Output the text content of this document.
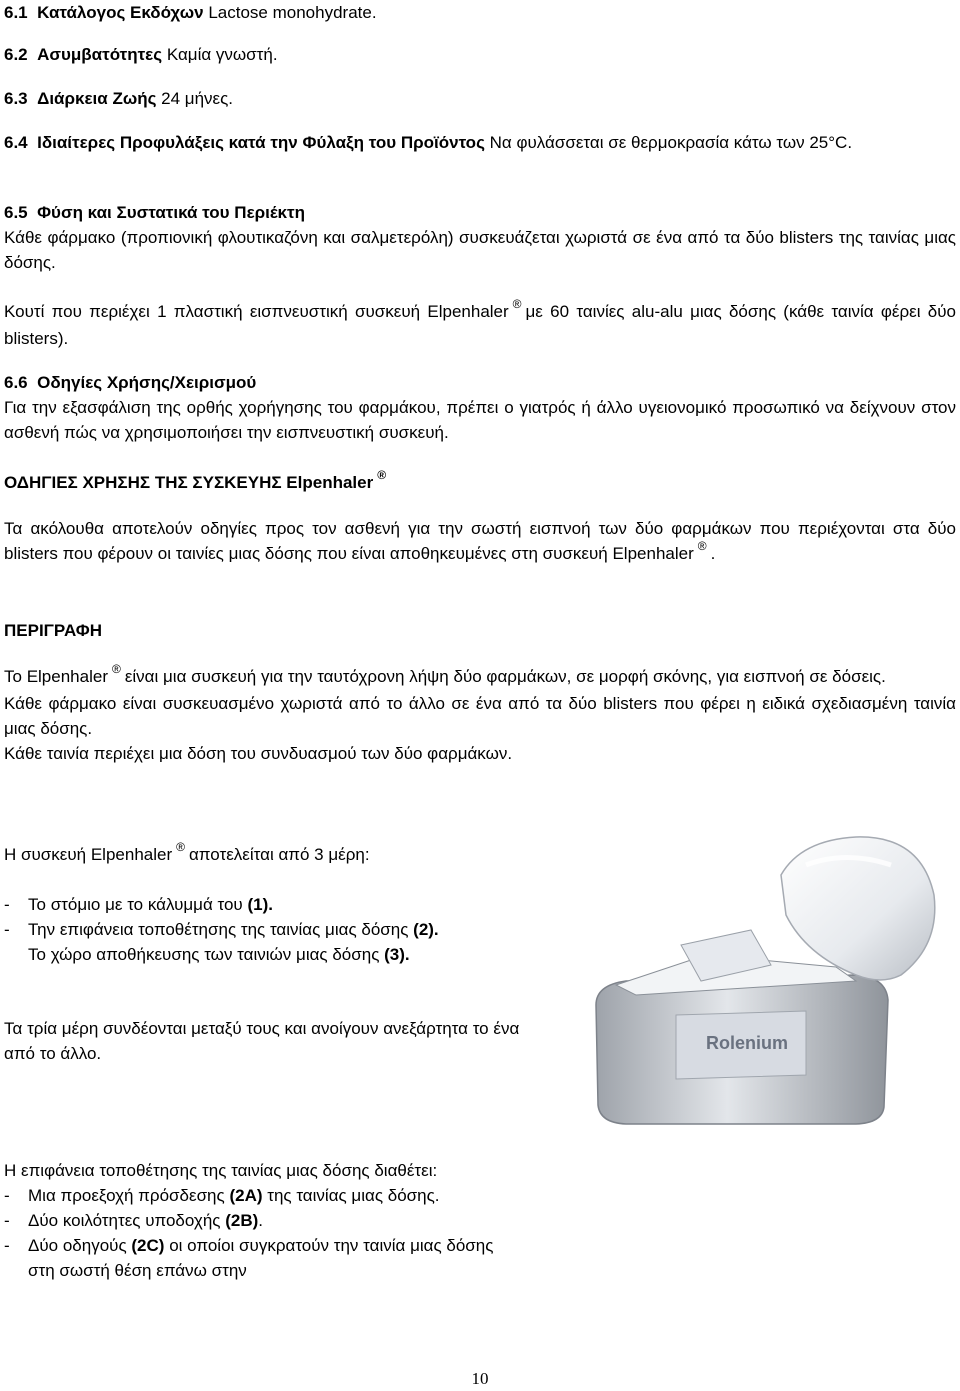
6.1 Κατάλογος Εκδόχων Lactose monohydrate.

6.2 Ασυμβατότητες Καμία γνωστή.

6.3 Διάρκεια Ζωής 24 μήνες.

6.4 Ιδιαίτερες Προφυλάξεις κατά την Φύλαξη του Προϊόντος Να φυλάσσεται σε θερμοκρασία κάτω των 25°C.

6.5 Φύση και Συστατικά του Περιέκτη

Κάθε φάρμακο (προπιονική φλουτικαζόνη και σαλμετερόλη) συσκευάζεται χωριστά σε ένα από τα δύο blisters της ταινίας μιας δόσης.

Κουτί που περιέχει 1 πλαστική εισπνευστική συσκευή Elpenhaler ® με 60 ταινίες alu-alu μιας δόσης (κάθε ταινία φέρει δύο blisters).

6.6 Οδηγίες Χρήσης/Χειρισμού

Για την εξασφάλιση της ορθής χορήγησης του φαρμάκου, πρέπει ο γιατρός ή άλλο υγειονομικό προσωπικό να δείχνουν στον ασθενή πώς να χρησιμοποιήσει την εισπνευστική συσκευή.

ΟΔΗΓΙΕΣ ΧΡΗΣΗΣ ΤΗΣ ΣΥΣΚΕΥΗΣ Elpenhaler ®

Τα ακόλουθα αποτελούν οδηγίες προς τον ασθενή για την σωστή εισπνοή των δύο φαρμάκων που περιέχονται στα δύο blisters που φέρουν οι ταινίες μιας δόσης που είναι αποθηκευμένες στη συσκευή Elpenhaler ® .

ΠΕΡΙΓΡΑΦΗ

Το Elpenhaler ® είναι μια συσκευή για την ταυτόχρονη λήψη δύο φαρμάκων, σε μορφή σκόνης, για εισπνοή σε δόσεις.

Κάθε φάρμακο είναι συσκευασμένο χωριστά από το άλλο σε ένα από τα δύο blisters που φέρει η ειδικά σχεδιασμένη ταινία μιας δόσης.

Κάθε ταινία περιέχει μια δόση του συνδυασμού των δύο φαρμάκων.

Η συσκευή Elpenhaler ® αποτελείται από 3 μέρη:

- Το στόμιο με το κάλυμμά του (1).
- Την επιφάνεια τοποθέτησης της ταινίας μιας δόσης (2).

Το χώρο αποθήκευσης των ταινιών μιας δόσης (3).

Τα τρία μέρη συνδέονται μεταξύ τους και ανοίγουν ανεξάρτητα το ένα από το άλλο.

Η επιφάνεια τοποθέτησης της ταινίας μιας δόσης διαθέτει:

- Μια προεξοχή πρόσδεσης (2A) της ταινίας μιας δόσης.
- Δύο κοιλότητες υποδοχής (2B).
- Δύο οδηγούς (2C) οι οποίοι συγκρατούν την ταινία μιας δόσης στη σωστή θέση επάνω στην
Rolenium
10
